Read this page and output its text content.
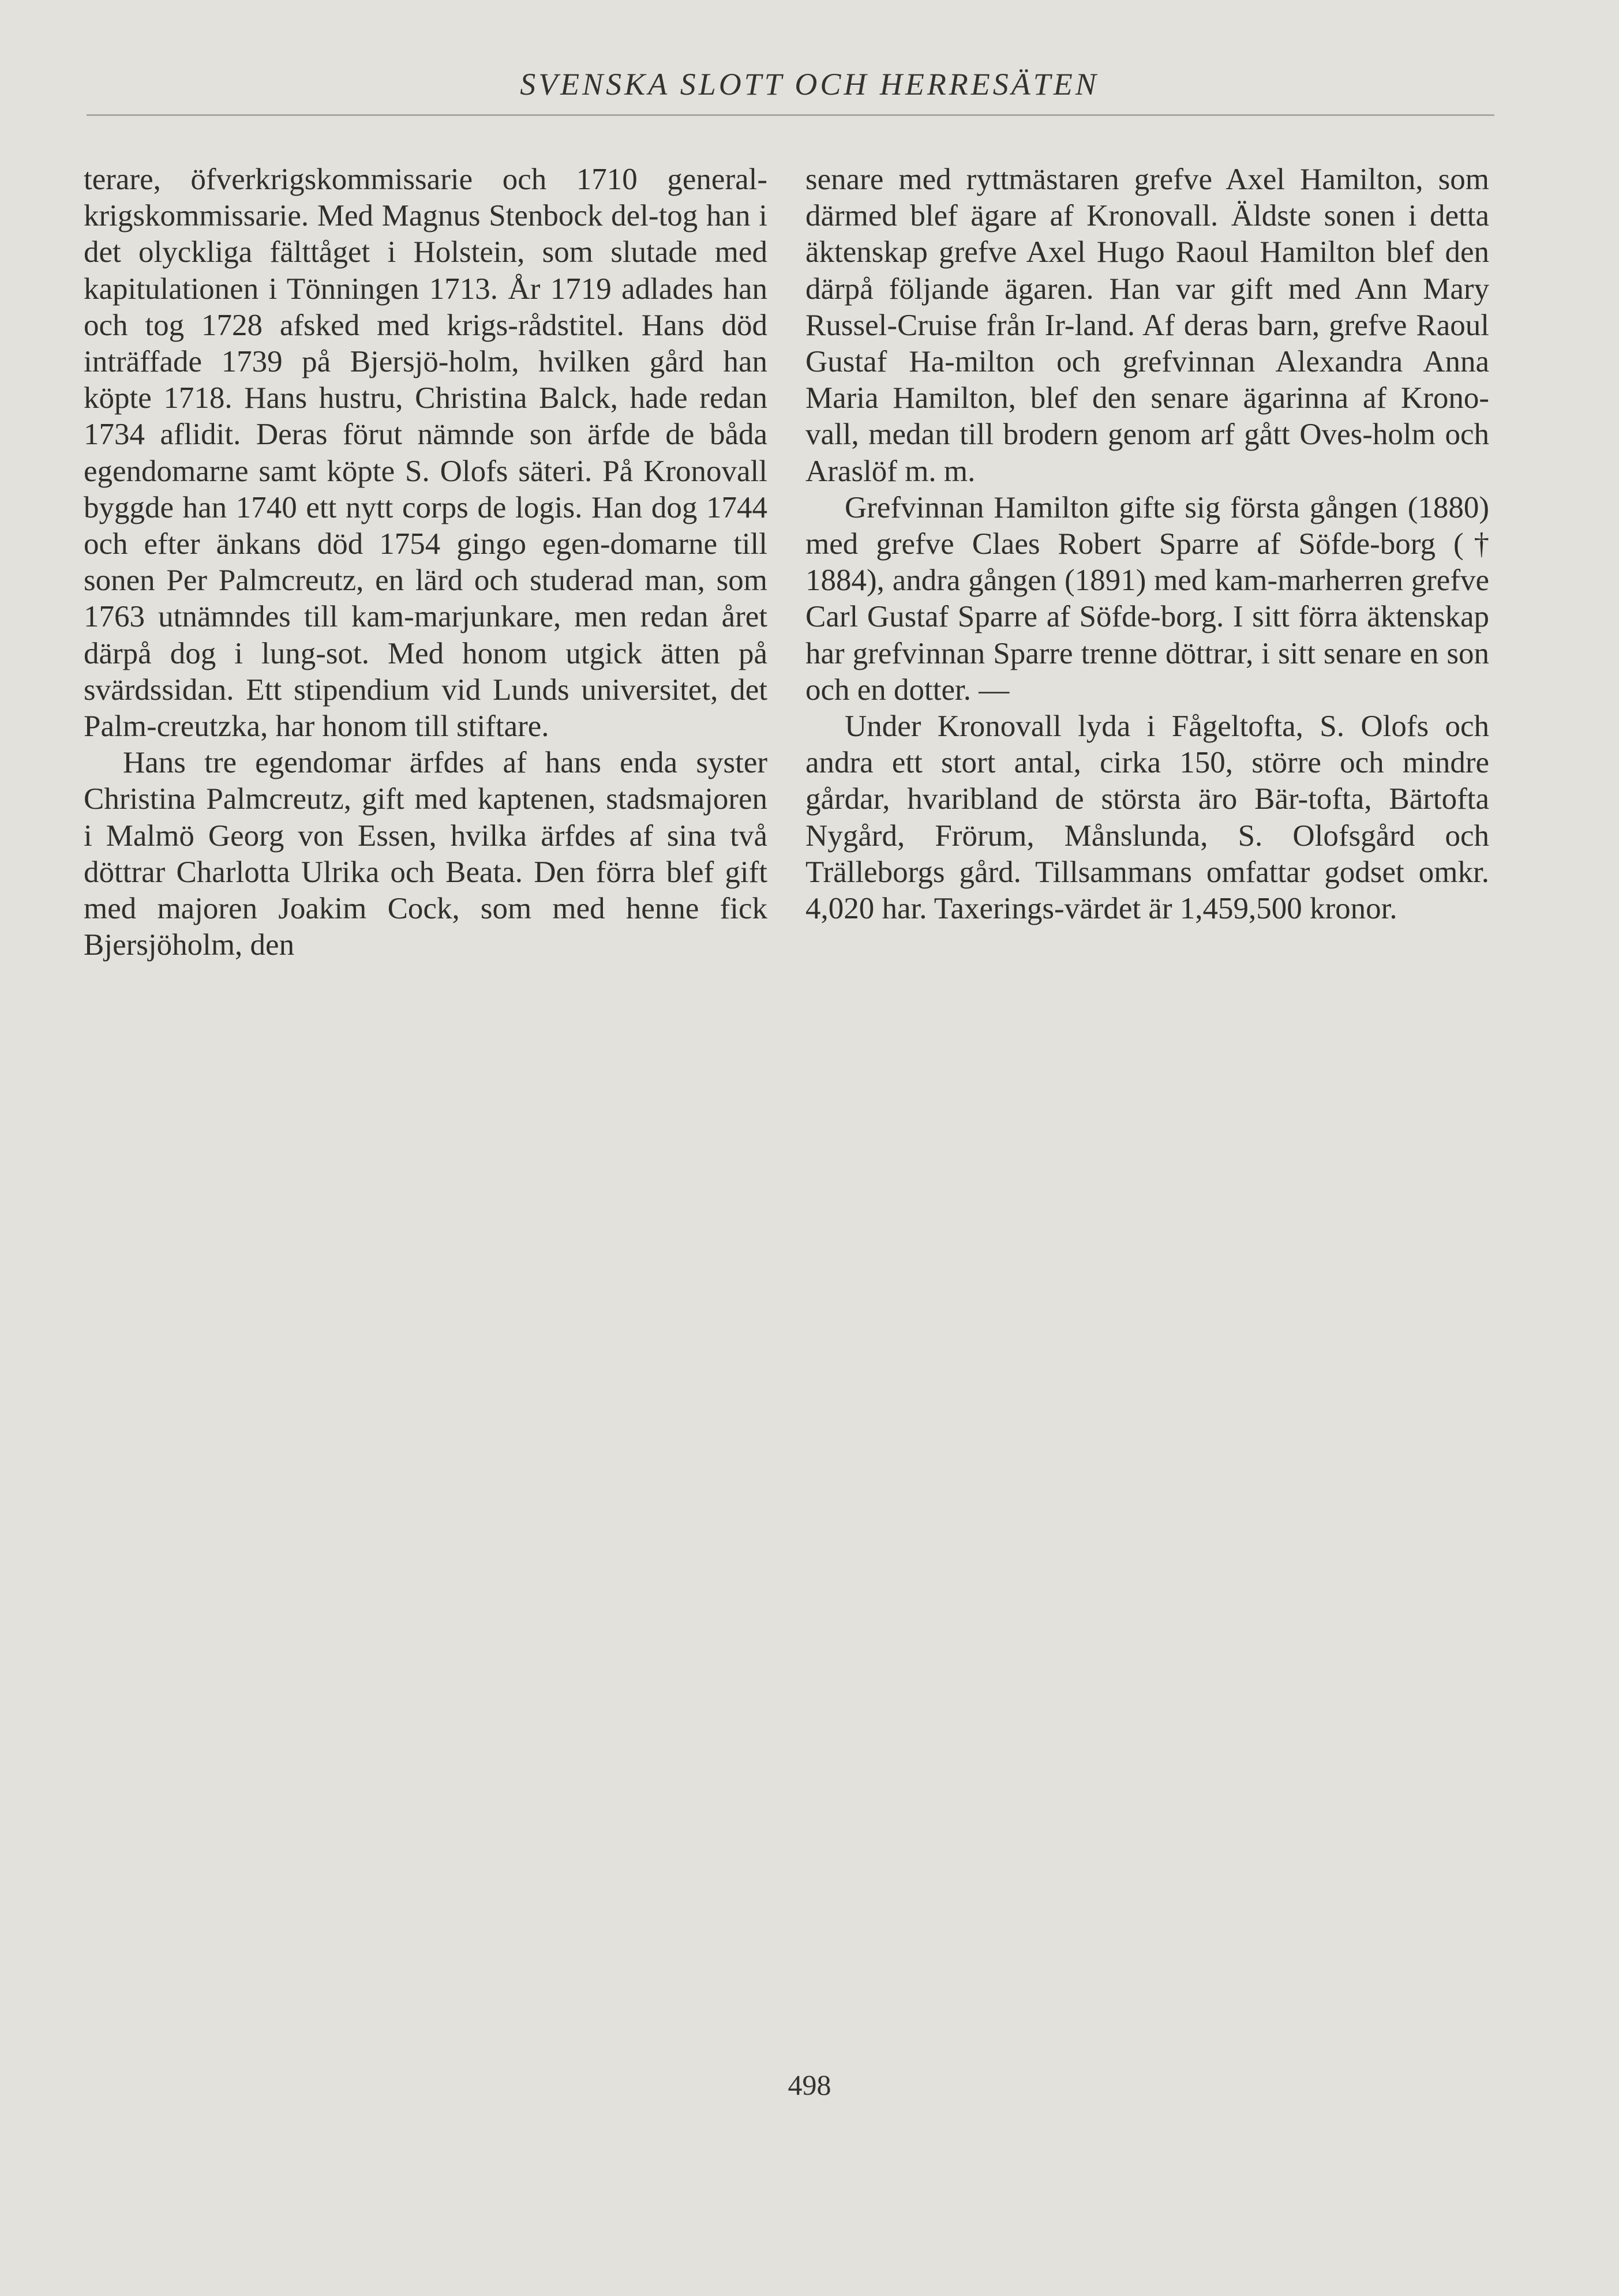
SVENSKA SLOTT OCH HERRESÄTEN

terare, öfverkrigskommissarie och 1710 general-krigskommissarie. Med Magnus Stenbock del-tog han i det olyckliga fälttåget i Holstein, som slutade med kapitulationen i Tönningen 1713. År 1719 adlades han och tog 1728 afsked med krigs-rådstitel. Hans död inträffade 1739 på Bjersjö-holm, hvilken gård han köpte 1718. Hans hustru, Christina Balck, hade redan 1734 aflidit. Deras förut nämnde son ärfde de båda egendomarne samt köpte S. Olofs säteri. På Kronovall byggde han 1740 ett nytt corps de logis. Han dog 1744 och efter änkans död 1754 gingo egen-domarne till sonen Per Palmcreutz, en lärd och studerad man, som 1763 utnämndes till kam-marjunkare, men redan året därpå dog i lung-sot. Med honom utgick ätten på svärdssidan. Ett stipendium vid Lunds universitet, det Palm-creutzka, har honom till stiftare.

Hans tre egendomar ärfdes af hans enda syster Christina Palmcreutz, gift med kaptenen, stadsmajoren i Malmö Georg von Essen, hvilka ärfdes af sina två döttrar Charlotta Ulrika och Beata. Den förra blef gift med majoren Joakim Cock, som med henne fick Bjersjöholm, den

senare med ryttmästaren grefve Axel Hamilton, som därmed blef ägare af Kronovall. Äldste sonen i detta äktenskap grefve Axel Hugo Raoul Hamilton blef den därpå följande ägaren. Han var gift med Ann Mary Russel-Cruise från Ir-land. Af deras barn, grefve Raoul Gustaf Ha-milton och grefvinnan Alexandra Anna Maria Hamilton, blef den senare ägarinna af Krono-vall, medan till brodern genom arf gått Oves-holm och Araslöf m. m.

Grefvinnan Hamilton gifte sig första gången (1880) med grefve Claes Robert Sparre af Söfde-borg († 1884), andra gången (1891) med kam-marherren grefve Carl Gustaf Sparre af Söfde-borg. I sitt förra äktenskap har grefvinnan Sparre trenne döttrar, i sitt senare en son och en dotter. —

Under Kronovall lyda i Fågeltofta, S. Olofs och andra ett stort antal, cirka 150, större och mindre gårdar, hvaribland de största äro Bär-tofta, Bärtofta Nygård, Frörum, Månslunda, S. Olofsgård och Trälleborgs gård. Tillsammans omfattar godset omkr. 4,020 har. Taxerings-värdet är 1,459,500 kronor.

498
